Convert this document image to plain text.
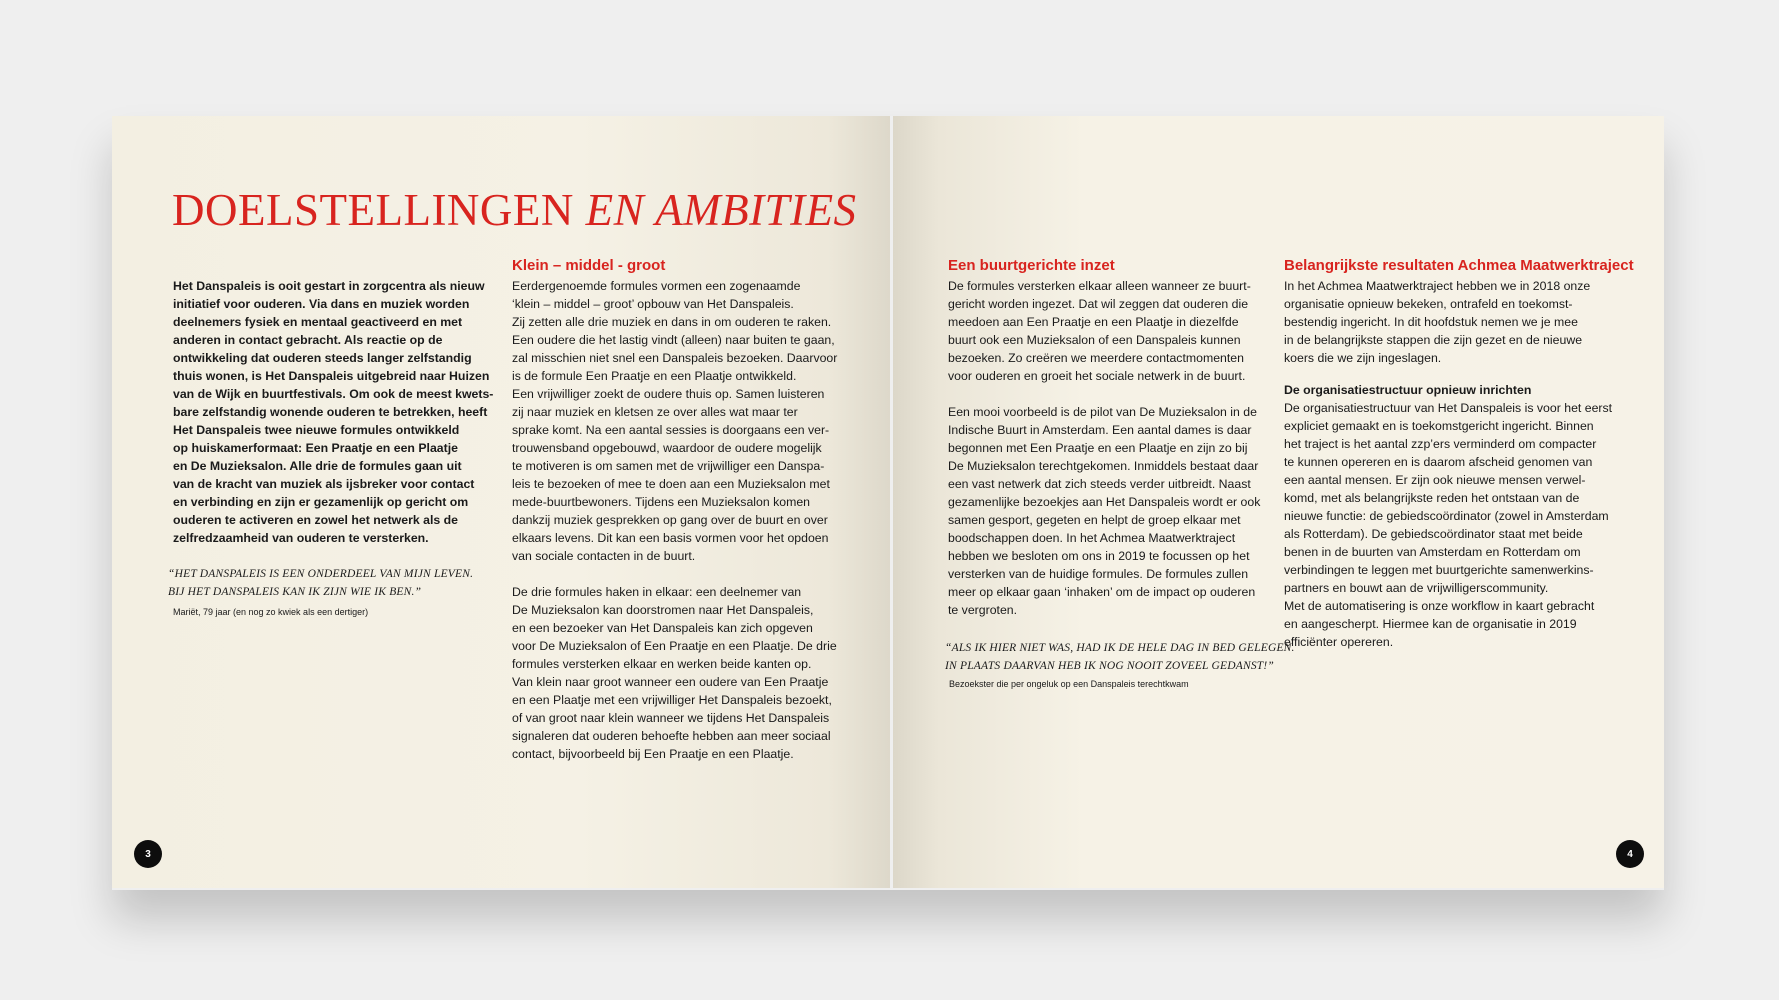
DOELSTELLINGEN EN AMBITIES
Het Danspaleis is ooit gestart in zorgcentra als nieuw
initiatief voor ouderen. Via dans en muziek worden
deelnemers fysiek en mentaal geactiveerd en met
anderen in contact gebracht. Als reactie op de
ontwikkeling dat ouderen steeds langer zelfstandig
thuis wonen, is Het Danspaleis uitgebreid naar Huizen
van de Wijk en buurtfestivals. Om ook de meest kwets-
bare zelfstandig wonende ouderen te betrekken, heeft
Het Danspaleis twee nieuwe formules ontwikkeld
op huiskamerformaat: Een Praatje en een Plaatje
en De Muzieksalon. Alle drie de formules gaan uit
van de kracht van muziek als ijsbreker voor contact
en verbinding en zijn er gezamenlijk op gericht om
ouderen te activeren en zowel het netwerk als de
zelfredzaamheid van ouderen te versterken.
“HET DANSPALEIS IS EEN ONDERDEEL VAN MIJN LEVEN.
BIJ HET DANSPALEIS KAN IK ZIJN WIE IK BEN.”
Mariët, 79 jaar (en nog zo kwiek als een dertiger)
Klein – middel - groot
Eerdergenoemde formules vormen een zogenaamde
‘klein – middel – groot’ opbouw van Het Danspaleis.
Zij zetten alle drie muziek en dans in om ouderen te raken.
Een oudere die het lastig vindt (alleen) naar buiten te gaan,
zal misschien niet snel een Danspaleis bezoeken. Daarvoor
is de formule Een Praatje en een Plaatje ontwikkeld.
Een vrijwilliger zoekt de oudere thuis op. Samen luisteren
zij naar muziek en kletsen ze over alles wat maar ter
sprake komt. Na een aantal sessies is doorgaans een ver-
trouwensband opgebouwd, waardoor de oudere mogelijk
te motiveren is om samen met de vrijwilliger een Danspa-
leis te bezoeken of mee te doen aan een Muzieksalon met
mede-buurtbewoners. Tijdens een Muzieksalon komen
dankzij muziek gesprekken op gang over de buurt en over
elkaars levens. Dit kan een basis vormen voor het opdoen
van sociale contacten in de buurt.
De drie formules haken in elkaar: een deelnemer van
De Muzieksalon kan doorstromen naar Het Danspaleis,
en een bezoeker van Het Danspaleis kan zich opgeven
voor De Muzieksalon of Een Praatje en een Plaatje. De drie
formules versterken elkaar en werken beide kanten op.
Van klein naar groot wanneer een oudere van Een Praatje
en een Plaatje met een vrijwilliger Het Danspaleis bezoekt,
of van groot naar klein wanneer we tijdens Het Danspaleis
signaleren dat ouderen behoefte hebben aan meer sociaal
contact, bijvoorbeeld bij Een Praatje en een Plaatje.
3
Een buurtgerichte inzet
De formules versterken elkaar alleen wanneer ze buurt-
gericht worden ingezet. Dat wil zeggen dat ouderen die
meedoen aan Een Praatje en een Plaatje in diezelfde
buurt ook een Muzieksalon of een Danspaleis kunnen
bezoeken. Zo creëren we meerdere contactmomenten
voor ouderen en groeit het sociale netwerk in de buurt.
Een mooi voorbeeld is de pilot van De Muzieksalon in de
Indische Buurt in Amsterdam. Een aantal dames is daar
begonnen met Een Praatje en een Plaatje en zijn zo bij
De Muzieksalon terechtgekomen. Inmiddels bestaat daar
een vast netwerk dat zich steeds verder uitbreidt. Naast
gezamenlijke bezoekjes aan Het Danspaleis wordt er ook
samen gesport, gegeten en helpt de groep elkaar met
boodschappen doen. In het Achmea Maatwerktraject
hebben we besloten om ons in 2019 te focussen op het
versterken van de huidige formules. De formules zullen
meer op elkaar gaan ‘inhaken’ om de impact op ouderen
te vergroten.
“ALS IK HIER NIET WAS, HAD IK DE HELE DAG IN BED GELEGEN.
IN PLAATS DAARVAN HEB IK NOG NOOIT ZOVEEL GEDANST!”
Bezoekster die per ongeluk op een Danspaleis terechtkwam
Belangrijkste resultaten Achmea Maatwerktraject
In het Achmea Maatwerktraject hebben we in 2018 onze
organisatie opnieuw bekeken, ontrafeld en toekomst-
bestendig ingericht. In dit hoofdstuk nemen we je mee
in de belangrijkste stappen die zijn gezet en de nieuwe
koers die we zijn ingeslagen.
De organisatiestructuur opnieuw inrichten
De organisatiestructuur van Het Danspaleis is voor het eerst
expliciet gemaakt en is toekomstgericht ingericht. Binnen
het traject is het aantal zzp’ers verminderd om compacter
te kunnen opereren en is daarom afscheid genomen van
een aantal mensen. Er zijn ook nieuwe mensen verwel-
komd, met als belangrijkste reden het ontstaan van de
nieuwe functie: de gebiedscoördinator (zowel in Amsterdam
als Rotterdam). De gebiedscoördinator staat met beide
benen in de buurten van Amsterdam en Rotterdam om
verbindingen te leggen met buurtgerichte samenwerkins-
partners en bouwt aan de vrijwilligerscommunity.
Met de automatisering is onze workflow in kaart gebracht
en aangescherpt. Hiermee kan de organisatie in 2019
efficiënter opereren.
4
